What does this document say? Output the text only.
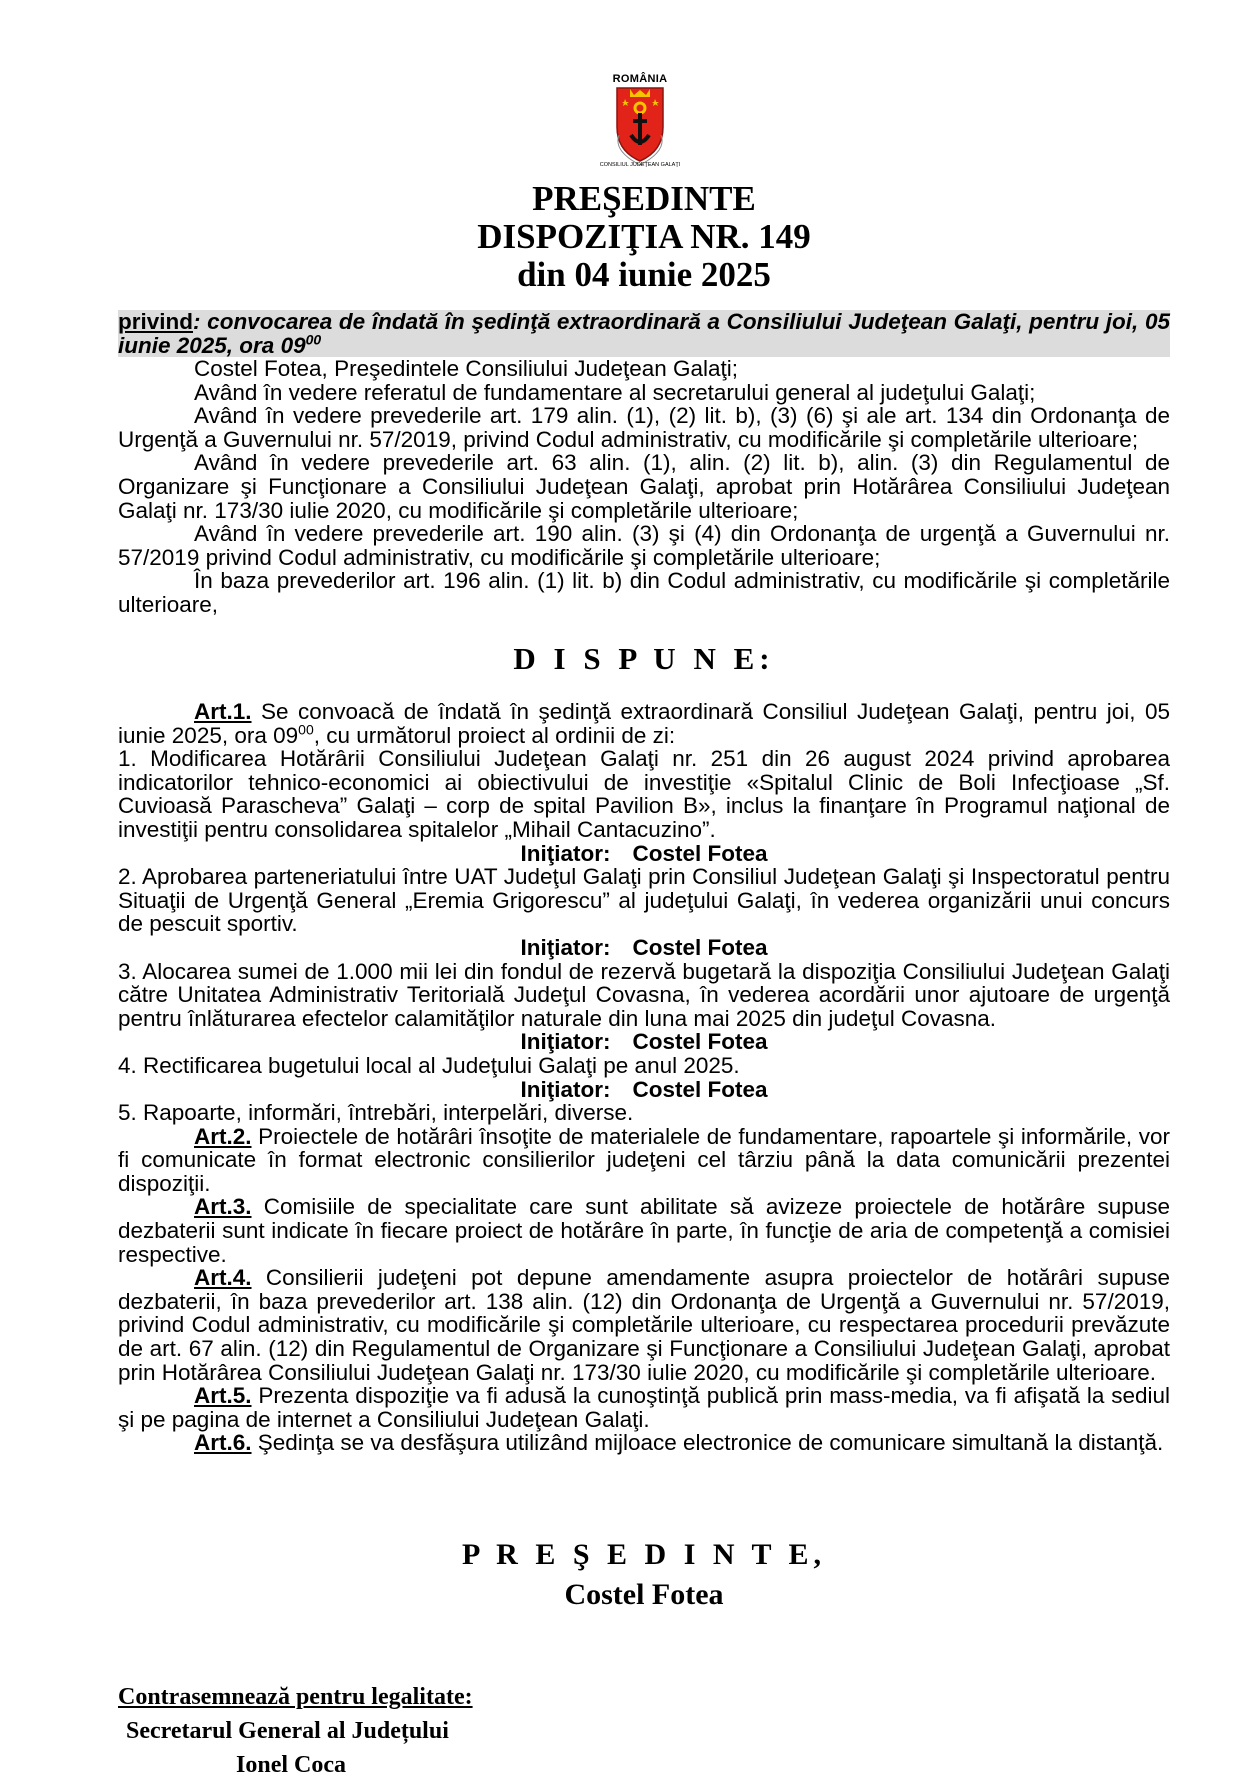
ROMÂNIA
CONSILIUL JUDEŢEAN GALAŢI
PREŞEDINTE
DISPOZIŢIA NR. 149
din 04 iunie 2025
privind: convocarea de îndată în şedinţă extraordinară a Consiliului Judeţean Galaţi, pentru joi, 05 iunie 2025, ora $09^{00}$

Costel Fotea, Preşedintele Consiliului Judeţean Galaţi;

Având în vedere referatul de fundamentare al secretarului general al judeţului Galaţi;

Având în vedere prevederile art. 179 alin. (1), (2) lit. b), (3) (6) şi ale art. 134 din Ordonanţa de Urgenţă a Guvernului nr. 57/2019, privind Codul administrativ, cu modificările şi completările ulterioare;

Având în vedere prevederile art. 63 alin. (1), alin. (2) lit. b), alin. (3) din Regulamentul de Organizare şi Funcţionare a Consiliului Judeţean Galaţi, aprobat prin Hotărârea Consiliului Judeţean Galaţi nr. 173/30 iulie 2020, cu modificările şi completările ulterioare;

Având în vedere prevederile art. 190 alin. (3) şi (4) din Ordonanţa de urgenţă a Guvernului nr. 57/2019 privind Codul administrativ, cu modificările şi completările ulterioare;

În baza prevederilor art. 196 alin. (1) lit. b) din Codul administrativ, cu modificările şi completările ulterioare,

D I S P U N E:

Art.1. Se convoacă de îndată în şedinţă extraordinară Consiliul Judeţean Galaţi, pentru joi, 05 iunie 2025, ora $09^{00}$, cu următorul proiect al ordinii de zi:

1. Modificarea Hotărârii Consiliului Judeţean Galaţi nr. 251 din 26 august 2024 privind aprobarea indicatorilor tehnico-economici ai obiectivului de investiţie «Spitalul Clinic de Boli Infecţioase „Sf. Cuvioasă Parascheva” Galaţi – corp de spital Pavilion B», inclus la finanţare în Programul naţional de investiţii pentru consolidarea spitalelor „Mihail Cantacuzino”.

Iniţiator: Costel Fotea

2. Aprobarea parteneriatului între UAT Judeţul Galaţi prin Consiliul Judeţean Galaţi şi Inspectoratul pentru Situaţii de Urgenţă General „Eremia Grigorescu” al judeţului Galaţi, în vederea organizării unui concurs de pescuit sportiv.

Iniţiator: Costel Fotea

3. Alocarea sumei de 1.000 mii lei din fondul de rezervă bugetară la dispoziţia Consiliului Judeţean Galaţi către Unitatea Administrativ Teritorială Judeţul Covasna, în vederea acordării unor ajutoare de urgenţă pentru înlăturarea efectelor calamităţilor naturale din luna mai 2025 din judeţul Covasna.

Iniţiator: Costel Fotea

4. Rectificarea bugetului local al Judeţului Galaţi pe anul 2025.

Iniţiator: Costel Fotea

5. Rapoarte, informări, întrebări, interpelări, diverse.

Art.2. Proiectele de hotărâri însoţite de materialele de fundamentare, rapoartele şi informările, vor fi comunicate în format electronic consilierilor judeţeni cel târziu până la data comunicării prezentei dispoziţii.

Art.3. Comisiile de specialitate care sunt abilitate să avizeze proiectele de hotărâre supuse dezbaterii sunt indicate în fiecare proiect de hotărâre în parte, în funcţie de aria de competenţă a comisiei respective.

Art.4. Consilierii judeţeni pot depune amendamente asupra proiectelor de hotărâri supuse dezbaterii, în baza prevederilor art. 138 alin. (12) din Ordonanţa de Urgenţă a Guvernului nr. 57/2019, privind Codul administrativ, cu modificările şi completările ulterioare, cu respectarea procedurii prevăzute de art. 67 alin. (12) din Regulamentul de Organizare şi Funcţionare a Consiliului Judeţean Galaţi, aprobat prin Hotărârea Consiliului Judeţean Galaţi nr. 173/30 iulie 2020, cu modificările şi completările ulterioare.

Art.5. Prezenta dispoziţie va fi adusă la cunoştinţă publică prin mass-media, va fi afişată la sediul şi pe pagina de internet a Consiliului Judeţean Galaţi.

Art.6. Şedinţa se va desfăşura utilizând mijloace electronice de comunicare simultană la distanţă.

P R E Ş E D I N T E,
Costel Fotea
Contrasemnează pentru legalitate:
Secretarul General al Județului
Ionel Coca
